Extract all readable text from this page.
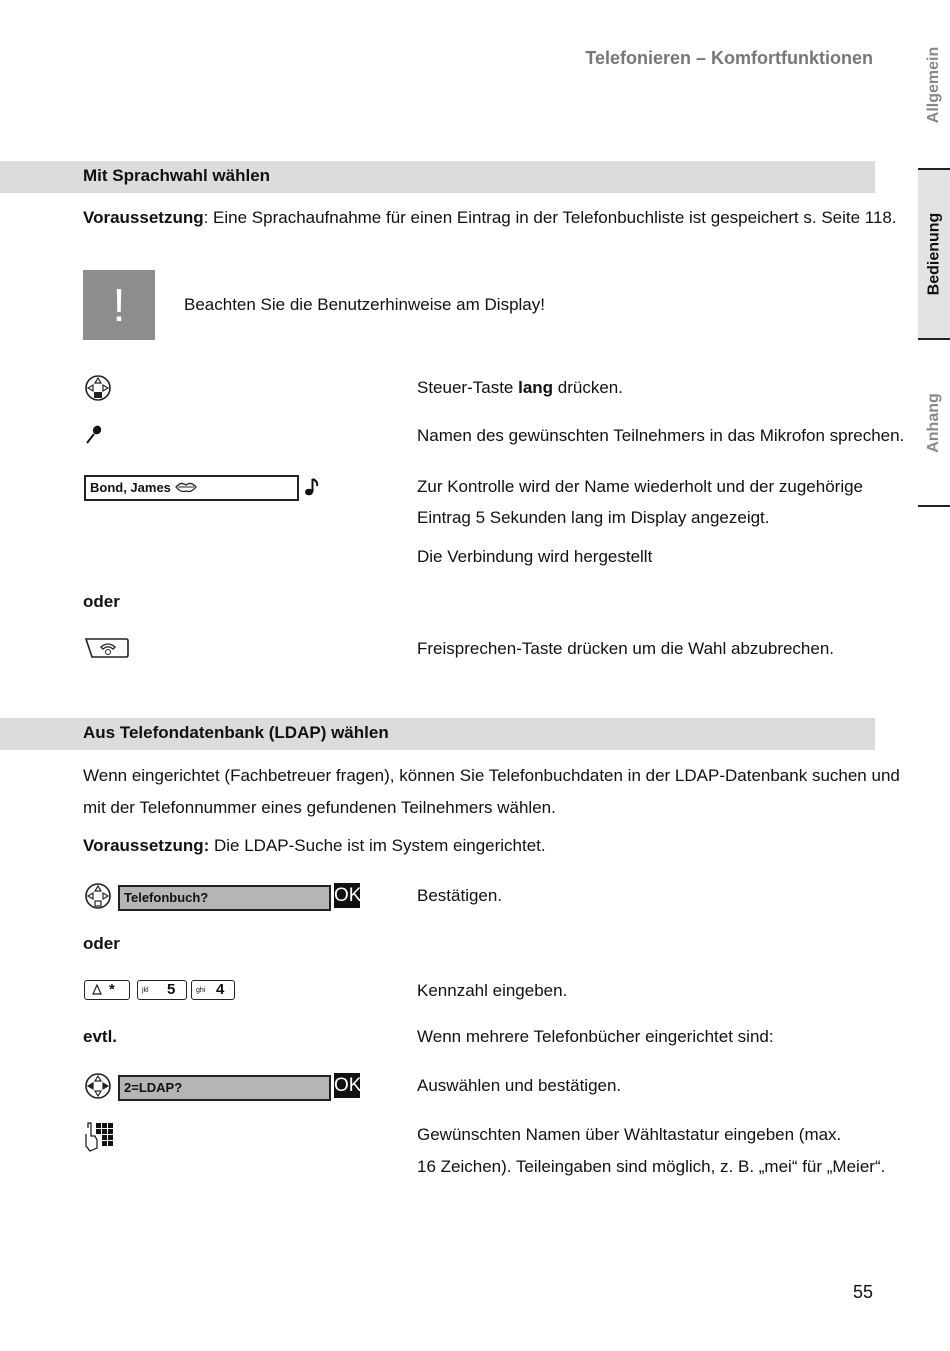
Telefonieren – Komfortfunktionen	Allgemein
Bedienung
Anhang
Mit Sprachwahl wählen
Voraussetzung: Eine Sprachaufnahme für einen Eintrag in der Telefonbuchliste ist gespeichert s. Seite 118.
!	Beachten Sie die Benutzerhinweise am Display!
Steuer-Taste lang drücken.
Namen des gewünschten Teilnehmers in das Mikrofon sprechen.
Bond, James	Zur Kontrolle wird der Name wiederholt und der zugehörige
Eintrag 5 Sekunden lang im Display angezeigt.
Die Verbindung wird hergestellt
oder
Freisprechen-Taste drücken um die Wahl abzubrechen.
Aus Telefondatenbank (LDAP) wählen
Wenn eingerichtet (Fachbetreuer fragen), können Sie Telefonbuchdaten in der LDAP-Datenbank suchen und
mit der Telefonnummer eines gefundenen Teilnehmers wählen.
Voraussetzung: Die LDAP-Suche ist im System eingerichtet.
Telefonbuch?	OK	Bestätigen.
oder
*	jkl 5	ghi 4	Kennzahl eingeben.
evtl.	Wenn mehrere Telefonbücher eingerichtet sind:
2=LDAP?	OK	Auswählen und bestätigen.
Gewünschten Namen über Wähltastatur eingeben (max.
16 Zeichen). Teileingaben sind möglich, z. B. „mei“ für „Meier“.
55
